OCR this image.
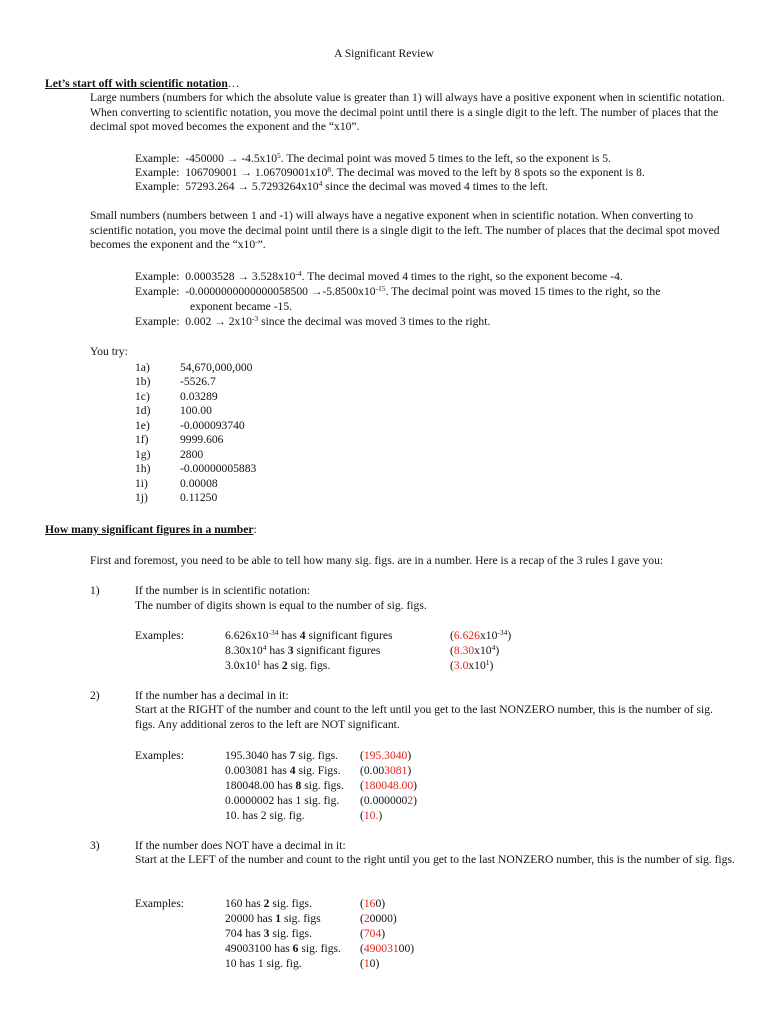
A Significant Review
Let’s start off with scientific notation…
Large numbers (numbers for which the absolute value is greater than 1) will always have a positive exponent when in scientific notation. When converting to scientific notation, you move the decimal point until there is a single digit to the left. The number of places that the decimal spot moved becomes the exponent and the “x10”.
Example: $-450000 \to -4.5x10^5$. The decimal point was moved 5 times to the left, so the exponent is 5.
Example: $106709001 \to 1.06709001x10^8$. The decimal was moved to the left by 8 spots so the exponent is 8.
Example: $57293.264 \to 5.7293264x10^4$ since the decimal was moved 4 times to the left.
Small numbers (numbers between 1 and -1) will always have a negative exponent when in scientific notation. When converting to scientific notation, you move the decimal point until there is a single digit to the left. The number of places that the decimal spot moved becomes the exponent and the “x10-”.
Example: $0.0003528 \to 3.528x10^{-4}$. The decimal moved 4 times to the right, so the exponent become -4.
Example: $-0.0000000000000058500 \to-5.8500x10^{-15}$. The decimal point was moved 15 times to the right, so the
exponent became -15.
Example: $0.002 \to 2x10^{-3}$ since the decimal was moved 3 times to the right.
You try:
1a)	54,670,000,000
1b)	-5526.7
1c)	0.03289
1d)	100.00
1e)	-0.000093740
1f)	9999.606
1g)	2800
1h)	-0.00000005883
1i)	0.00008
1j)	0.11250
How many significant figures in a number:
First and foremost, you need to be able to tell how many sig. figs. are in a number. Here is a recap of the 3 rules I gave you:
1)	If the number is in scientific notation:
The number of digits shown is equal to the number of sig. figs.
Examples:	$6.626x10^{-34}$ has 4 significant figures	$(6.626x10^{-34})$
$8.30x10^4$ has 3 significant figures	$(8.30x10^4)$
$3.0x10^1$ has 2 sig. figs.	$(3.0x10^1)$
2)	If the number has a decimal in it:
Start at the RIGHT of the number and count to the left until you get to the last NONZERO number, this is the number of sig. figs. Any additional zeros to the left are NOT significant.
Examples:	195.3040 has 7 sig. figs. (195.3040)
0.003081 has 4 sig. Figs. (0.003081)
180048.00 has 8 sig. figs. (180048.00)
0.0000002 has 1 sig. fig. (0.0000002)
10. has 2 sig. fig.	(10.)
3)	If the number does NOT have a decimal in it:
Start at the LEFT of the number and count to the right until you get to the last NONZERO number, this is the number of sig. figs.
Examples:	160 has 2 sig. figs.	(160)
20000 has 1 sig. figs	(20000)
704 has 3 sig. figs.	(704)
49003100 has 6 sig. figs. (49003100)
10 has 1 sig. fig.	(10)
